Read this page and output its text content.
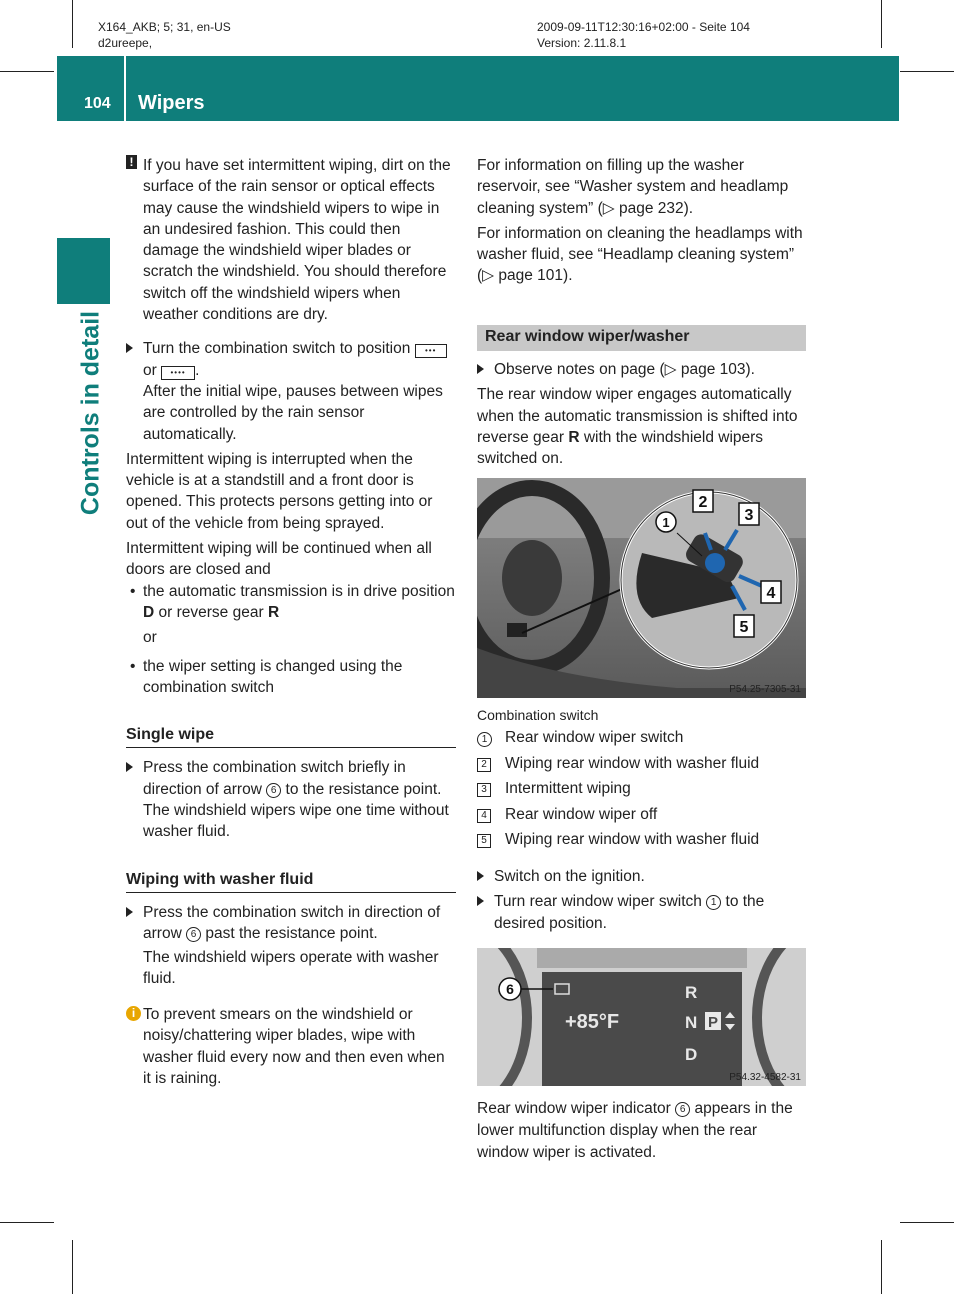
X164_AKB; 5; 31, en-US
d2ureepe,
2009-09-11T12:30:16+02:00 - Seite 104
Version: 2.11.8.1
104 Wipers
Controls in detail
! If you have set intermittent wiping, dirt on the surface of the rain sensor or optical effects may cause the windshield wipers to wipe in an undesired fashion. This could then damage the windshield wiper blades or scratch the windshield. You should therefore switch off the windshield wipers when weather conditions are dry.

Turn the combination switch to position ••• or •••• .

After the initial wipe, pauses between wipes are controlled by the rain sensor automatically.

Intermittent wiping is interrupted when the vehicle is at a standstill and a front door is opened. This protects persons getting into or out of the vehicle from being sprayed.

Intermittent wiping will be continued when all doors are closed and

• the automatic transmission is in drive position D or reverse gear R

or

• the wiper setting is changed using the combination switch

Single wipe

Press the combination switch briefly in direction of arrow 6 to the resistance point.

The windshield wipers wipe one time without washer fluid.

Wiping with washer fluid

Press the combination switch in direction of arrow 6 past the resistance point.

The windshield wipers operate with washer fluid.

i To prevent smears on the windshield or noisy/chattering wiper blades, wipe with washer fluid every now and then even when it is raining.

For information on filling up the washer reservoir, see “Washer system and headlamp cleaning system” (▷ page 232).

For information on cleaning the headlamps with washer fluid, see “Headlamp cleaning system” (▷ page 101).

Rear window wiper/washer

Observe notes on page (▷ page 103).

The rear window wiper engages automatically when the automatic transmission is shifted into reverse gear R with the windshield wipers switched on.

1
2
3
4
5
P54.25-7305-31
Combination switch
1	Rear window wiper switch
2 Wiping rear window with washer fluid
3 Intermittent wiping
4 Rear window wiper off
5 Wiping rear window with washer fluid

Switch on the ignition.

Turn rear window wiper switch 1 to the desired position.

6
+85°F
R
N P
D
P54.32-4582-31

Rear window wiper indicator 6 appears in the lower multifunction display when the rear window wiper is activated.
